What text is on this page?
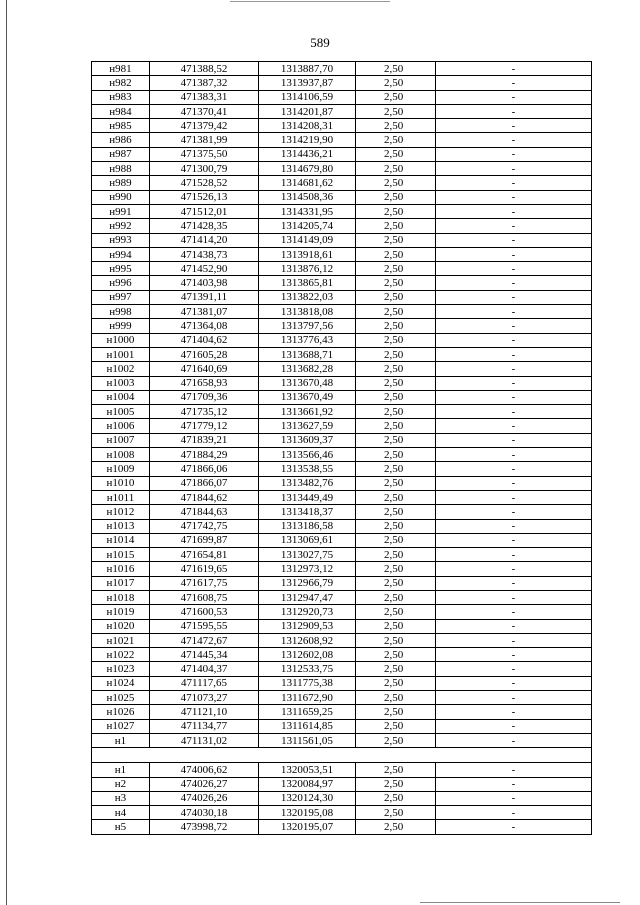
589
н981	471388,52	1313887,70	2,50	-
н982	471387,32	1313937,87	2,50	-
н983	471383,31	1314106,59	2,50	-
н984	471370,41	1314201,87	2,50	-
н985	471379,42	1314208,31	2,50	-
н986	471381,99	1314219,90	2,50	-
н987	471375,50	1314436,21	2,50	-
н988	471300,79	1314679,80	2,50	-
н989	471528,52	1314681,62	2,50	-
н990	471526,13	1314508,36	2,50	-
н991	471512,01	1314331,95	2,50	-
н992	471428,35	1314205,74	2,50	-
н993	471414,20	1314149,09	2,50	-
н994	471438,73	1313918,61	2,50	-
н995	471452,90	1313876,12	2,50	-
н996	471403,98	1313865,81	2,50	-
н997	471391,11	1313822,03	2,50	-
н998	471381,07	1313818,08	2,50	-
н999	471364,08	1313797,56	2,50	-
н1000	471404,62	1313776,43	2,50	-
н1001	471605,28	1313688,71	2,50	-
н1002	471640,69	1313682,28	2,50	-
н1003	471658,93	1313670,48	2,50	-
н1004	471709,36	1313670,49	2,50	-
н1005	471735,12	1313661,92	2,50	-
н1006	471779,12	1313627,59	2,50	-
н1007	471839,21	1313609,37	2,50	-
н1008	471884,29	1313566,46	2,50	-
н1009	471866,06	1313538,55	2,50	-
н1010	471866,07	1313482,76	2,50	-
н1011	471844,62	1313449,49	2,50	-
н1012	471844,63	1313418,37	2,50	-
н1013	471742,75	1313186,58	2,50	-
н1014	471699,87	1313069,61	2,50	-
н1015	471654,81	1313027,75	2,50	-
н1016	471619,65	1312973,12	2,50	-
н1017	471617,75	1312966,79	2,50	-
н1018	471608,75	1312947,47	2,50	-
н1019	471600,53	1312920,73	2,50	-
н1020	471595,55	1312909,53	2,50	-
н1021	471472,67	1312608,92	2,50	-
н1022	471445,34	1312602,08	2,50	-
н1023	471404,37	1312533,75	2,50	-
н1024	471117,65	1311775,38	2,50	-
н1025	471073,27	1311672,90	2,50	-
н1026	471121,10	1311659,25	2,50	-
н1027	471134,77	1311614,85	2,50	-
н1	471131,02	1311561,05	2,50	-

н1	474006,62	1320053,51	2,50	-
н2	474026,27	1320084,97	2,50	-
н3	474026,26	1320124,30	2,50	-
н4	474030,18	1320195,08	2,50	-
н5	473998,72	1320195,07	2,50	-
